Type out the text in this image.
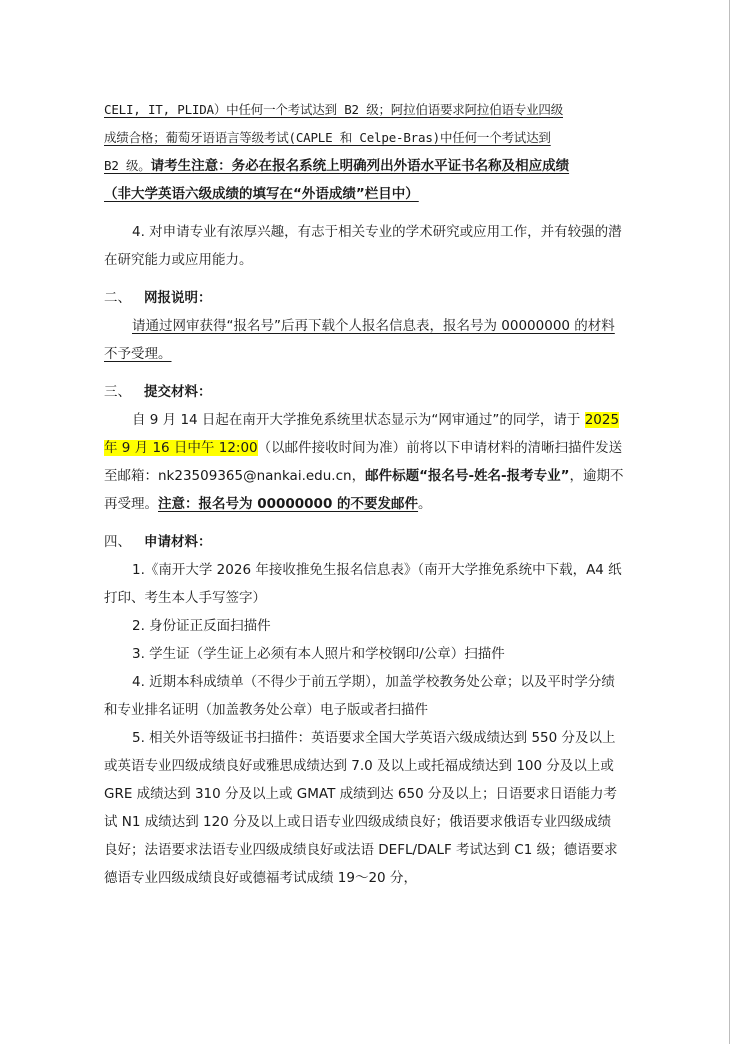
CELI, IT, PLIDA）中任何一个考试达到 B2 级；阿拉伯语要求阿拉伯语专业四级

成绩合格；葡萄牙语语言等级考试(CAPLE 和 Celpe-Bras)中任何一个考试达到

B2 级。请考生注意：务必在报名系统上明确列出外语水平证书名称及相应成绩

（非大学英语六级成绩的填写在“外语成绩”栏目中）

4. 对申请专业有浓厚兴趣，有志于相关专业的学术研究或应用工作，并有较强的潜在研究能力或应用能力。

二、 网报说明：

请通过网审获得“报名号”后再下载个人报名信息表，报名号为 00000000 的材料不予受理。

三、 提交材料：

自 9 月 14 日起在南开大学推免系统里状态显示为“网审通过”的同学，请于 2025 年 9 月 16 日中午 12:00（以邮件接收时间为准）前将以下申请材料的清晰扫描件发送至邮箱：nk23509365@nankai.edu.cn，邮件标题“报名号-姓名-报考专业”，逾期不再受理。注意：报名号为 00000000 的不要发邮件。

四、 申请材料：

1.《南开大学 2026 年接收推免生报名信息表》（南开大学推免系统中下载，A4 纸打印、考生本人手写签字）

2. 身份证正反面扫描件

3. 学生证（学生证上必须有本人照片和学校钢印/公章）扫描件

4. 近期本科成绩单（不得少于前五学期），加盖学校教务处公章；以及平时学分绩和专业排名证明（加盖教务处公章）电子版或者扫描件

5. 相关外语等级证书扫描件：英语要求全国大学英语六级成绩达到 550 分及以上或英语专业四级成绩良好或雅思成绩达到 7.0 及以上或托福成绩达到 100 分及以上或 GRE 成绩达到 310 分及以上或 GMAT 成绩到达 650 分及以上；日语要求日语能力考试 N1 成绩达到 120 分及以上或日语专业四级成绩良好；俄语要求俄语专业四级成绩良好；法语要求法语专业四级成绩良好或法语 DEFL/DALF 考试达到 C1 级；德语要求德语专业四级成绩良好或德福考试成绩 19～20 分，
